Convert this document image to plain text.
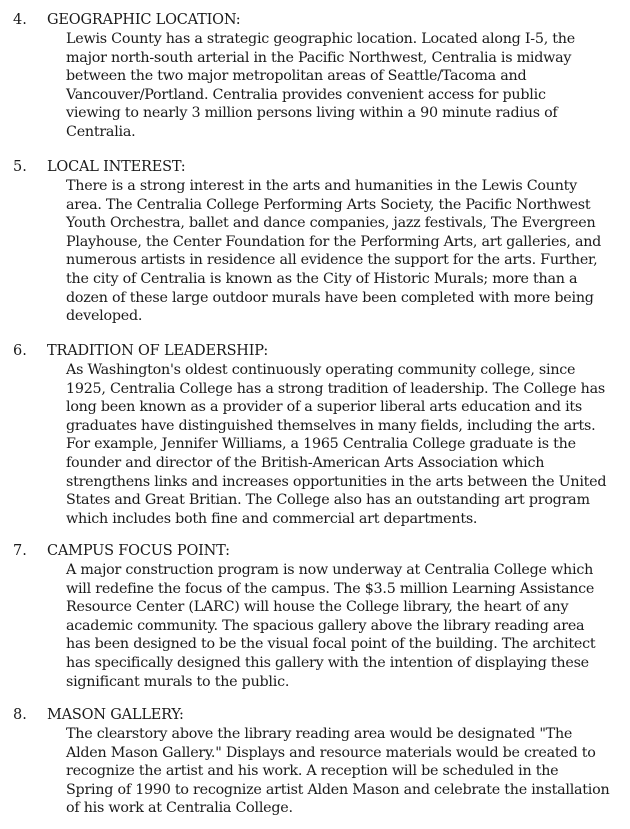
4. GEOGRAPHIC LOCATION:
Lewis County has a strategic geographic location. Located along I-5, the
major north-south arterial in the Pacific Northwest, Centralia is midway
between the two major metropolitan areas of Seattle/Tacoma and
Vancouver/Portland. Centralia provides convenient access for public
viewing to nearly 3 million persons living within a 90 minute radius of
Centralia.
5. LOCAL INTEREST:
There is a strong interest in the arts and humanities in the Lewis County
area. The Centralia College Performing Arts Society, the Pacific Northwest
Youth Orchestra, ballet and dance companies, jazz festivals, The Evergreen
Playhouse, the Center Foundation for the Performing Arts, art galleries, and
numerous artists in residence all evidence the support for the arts. Further,
the city of Centralia is known as the City of Historic Murals; more than a
dozen of these large outdoor murals have been completed with more being
developed.
6. TRADITION OF LEADERSHIP:
As Washington's oldest continuously operating community college, since
1925, Centralia College has a strong tradition of leadership. The College has
long been known as a provider of a superior liberal arts education and its
graduates have distinguished themselves in many fields, including the arts.
For example, Jennifer Williams, a 1965 Centralia College graduate is the
founder and director of the British-American Arts Association which
strengthens links and increases opportunities in the arts between the United
States and Great Britian. The College also has an outstanding art program
which includes both fine and commercial art departments.
7. CAMPUS FOCUS POINT:
A major construction program is now underway at Centralia College which
will redefine the focus of the campus. The $3.5 million Learning Assistance
Resource Center (LARC) will house the College library, the heart of any
academic community. The spacious gallery above the library reading area
has been designed to be the visual focal point of the building. The architect
has specifically designed this gallery with the intention of displaying these
significant murals to the public.
8. MASON GALLERY:
The clearstory above the library reading area would be designated "The
Alden Mason Gallery." Displays and resource materials would be created to
recognize the artist and his work. A reception will be scheduled in the
Spring of 1990 to recognize artist Alden Mason and celebrate the installation
of his work at Centralia College.
